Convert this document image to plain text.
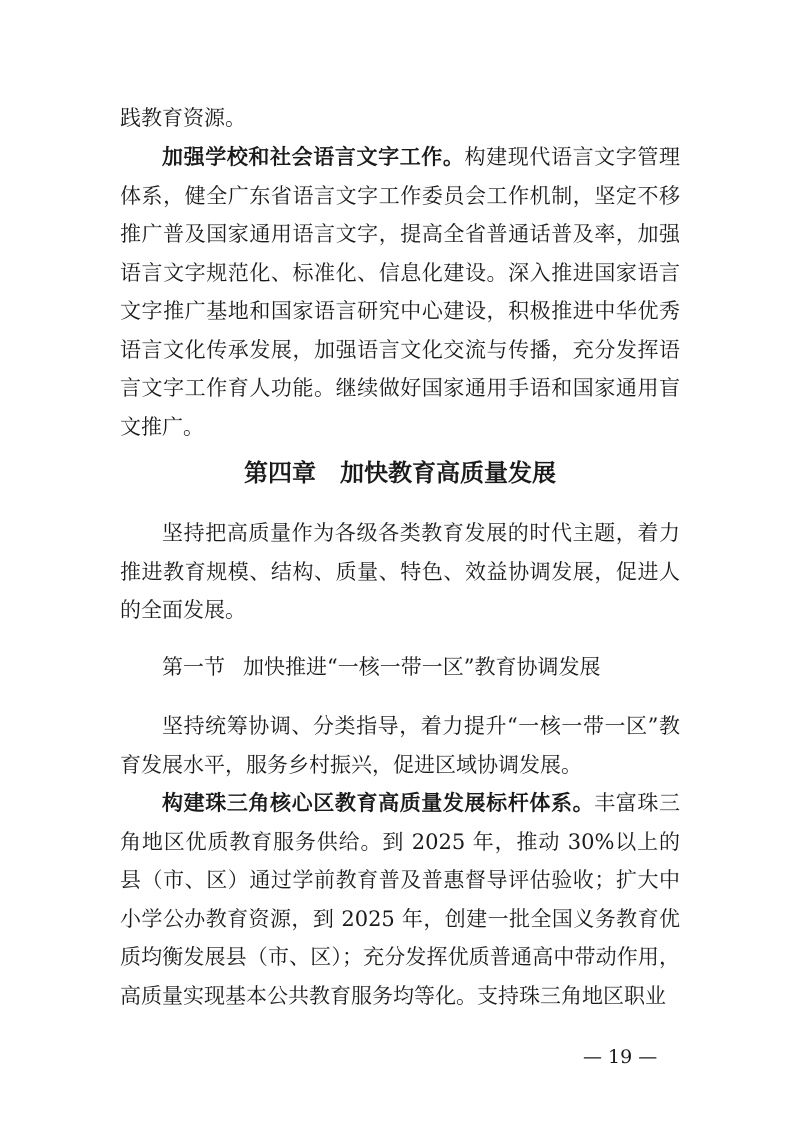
践教育资源。

加强学校和社会语言文字工作。构建现代语言文字管理体系，健全广东省语言文字工作委员会工作机制，坚定不移推广普及国家通用语言文字，提高全省普通话普及率，加强语言文字规范化、标准化、信息化建设。深入推进国家语言文字推广基地和国家语言研究中心建设，积极推进中华优秀语言文化传承发展，加强语言文化交流与传播，充分发挥语言文字工作育人功能。继续做好国家通用手语和国家通用盲文推广。

第四章　加快教育高质量发展

坚持把高质量作为各级各类教育发展的时代主题，着力推进教育规模、结构、质量、特色、效益协调发展，促进人的全面发展。

第一节 加快推进“一核一带一区”教育协调发展

坚持统筹协调、分类指导，着力提升“一核一带一区”教育发展水平，服务乡村振兴，促进区域协调发展。

构建珠三角核心区教育高质量发展标杆体系。丰富珠三角地区优质教育服务供给。到 2025 年，推动 30%以上的县（市、区）通过学前教育普及普惠督导评估验收；扩大中小学公办教育资源，到 2025 年，创建一批全国义务教育优质均衡发展县（市、区）；充分发挥优质普通高中带动作用，高质量实现基本公共教育服务均等化。支持珠三角地区职业

— 19 —
